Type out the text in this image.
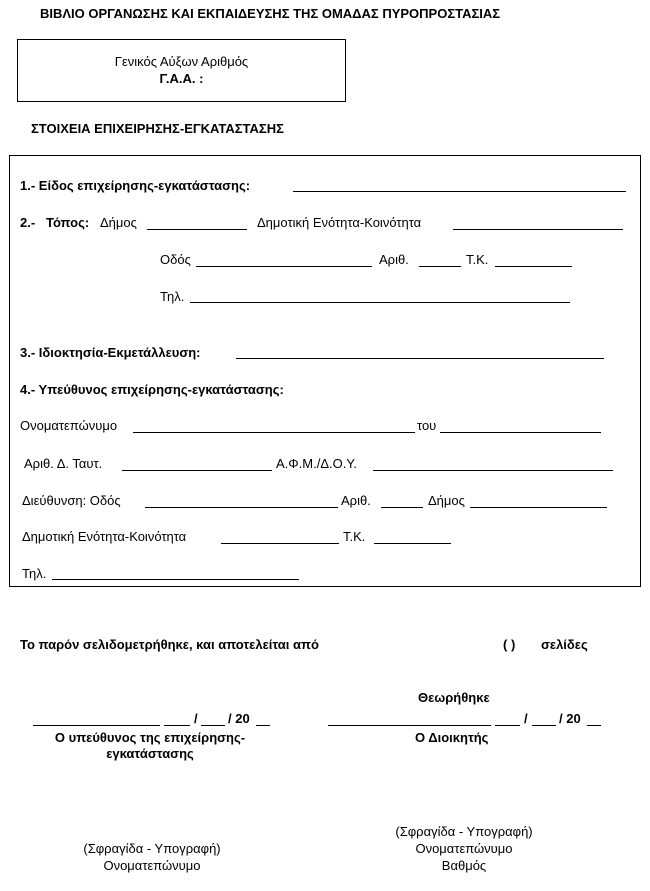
ΒΙΒΛΙΟ ΟΡΓΑΝΩΣΗΣ ΚΑΙ ΕΚΠΑΙΔΕΥΣΗΣ ΤΗΣ ΟΜΑΔΑΣ ΠΥΡΟΠΡΟΣΤΑΣΙΑΣ
Γενικός Αύξων Αριθμός
Γ.Α.Α. :
ΣΤΟΙΧΕΙΑ ΕΠΙΧΕΙΡΗΣΗΣ-ΕΓΚΑΤΑΣΤΑΣΗΣ
1.- Είδος επιχείρησης-εγκατάστασης:
2.- Τόπος: Δήμος	Δημοτική Ενότητα-Κοινότητα
Οδός	Αριθ.	Τ.Κ.
Τηλ.
3.- Ιδιοκτησία-Εκμετάλλευση:
4.- Υπεύθυνος επιχείρησης-εγκατάστασης:
Ονοματεπώνυμο	του
Αριθ. Δ. Ταυτ.	Α.Φ.Μ./Δ.Ο.Υ.
Διεύθυνση: Οδός	Αριθ.	Δήμος
Δημοτική Ενότητα-Κοινότητα	Τ.Κ.
Τηλ.
Το παρόν σελιδομετρήθηκε, και αποτελείται από	( ) σελίδες
Θεωρήθηκε
/ / 20
Ο υπεύθυνος της επιχείρησης-
εγκατάστασης
/ / 20
Ο Διοικητής
(Σφραγίδα - Υπογραφή)
Ονοματεπώνυμο
Βαθμός
(Σφραγίδα - Υπογραφή)
Ονοματεπώνυμο
